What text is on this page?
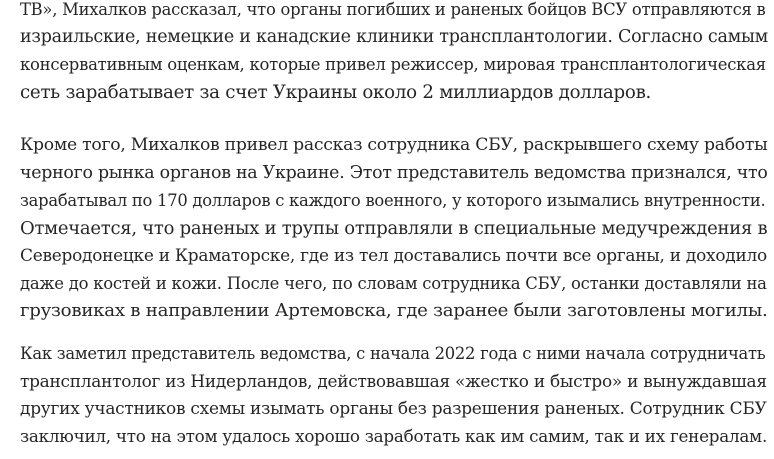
ТВ», Михалков рассказал, что органы погибших и раненых бойцов ВСУ отправляются в
израильские, немецкие и канадские клиники трансплантологии. Согласно самым
консервативным оценкам, которые привел режиссер, мировая трансплантологическая
сеть зарабатывает за счет Украины около 2 миллиардов долларов.

Кроме того, Михалков привел рассказ сотрудника СБУ, раскрывшего схему работы
черного рынка органов на Украине. Этот представитель ведомства признался, что
зарабатывал по 170 долларов с каждого военного, у которого изымались внутренности.
Отмечается, что раненых и трупы отправляли в специальные медучреждения в
Северодонецке и Краматорске, где из тел доставались почти все органы, и доходило
даже до костей и кожи. После чего, по словам сотрудника СБУ, останки доставляли на
грузовиках в направлении Артемовска, где заранее были заготовлены могилы.

Как заметил представитель ведомства, с начала 2022 года с ними начала сотрудничать
трансплантолог из Нидерландов, действовавшая «жестко и быстро» и вынуждавшая
других участников схемы изымать органы без разрешения раненых. Сотрудник СБУ
заключил, что на этом удалось хорошо заработать как им самим, так и их генералам.
